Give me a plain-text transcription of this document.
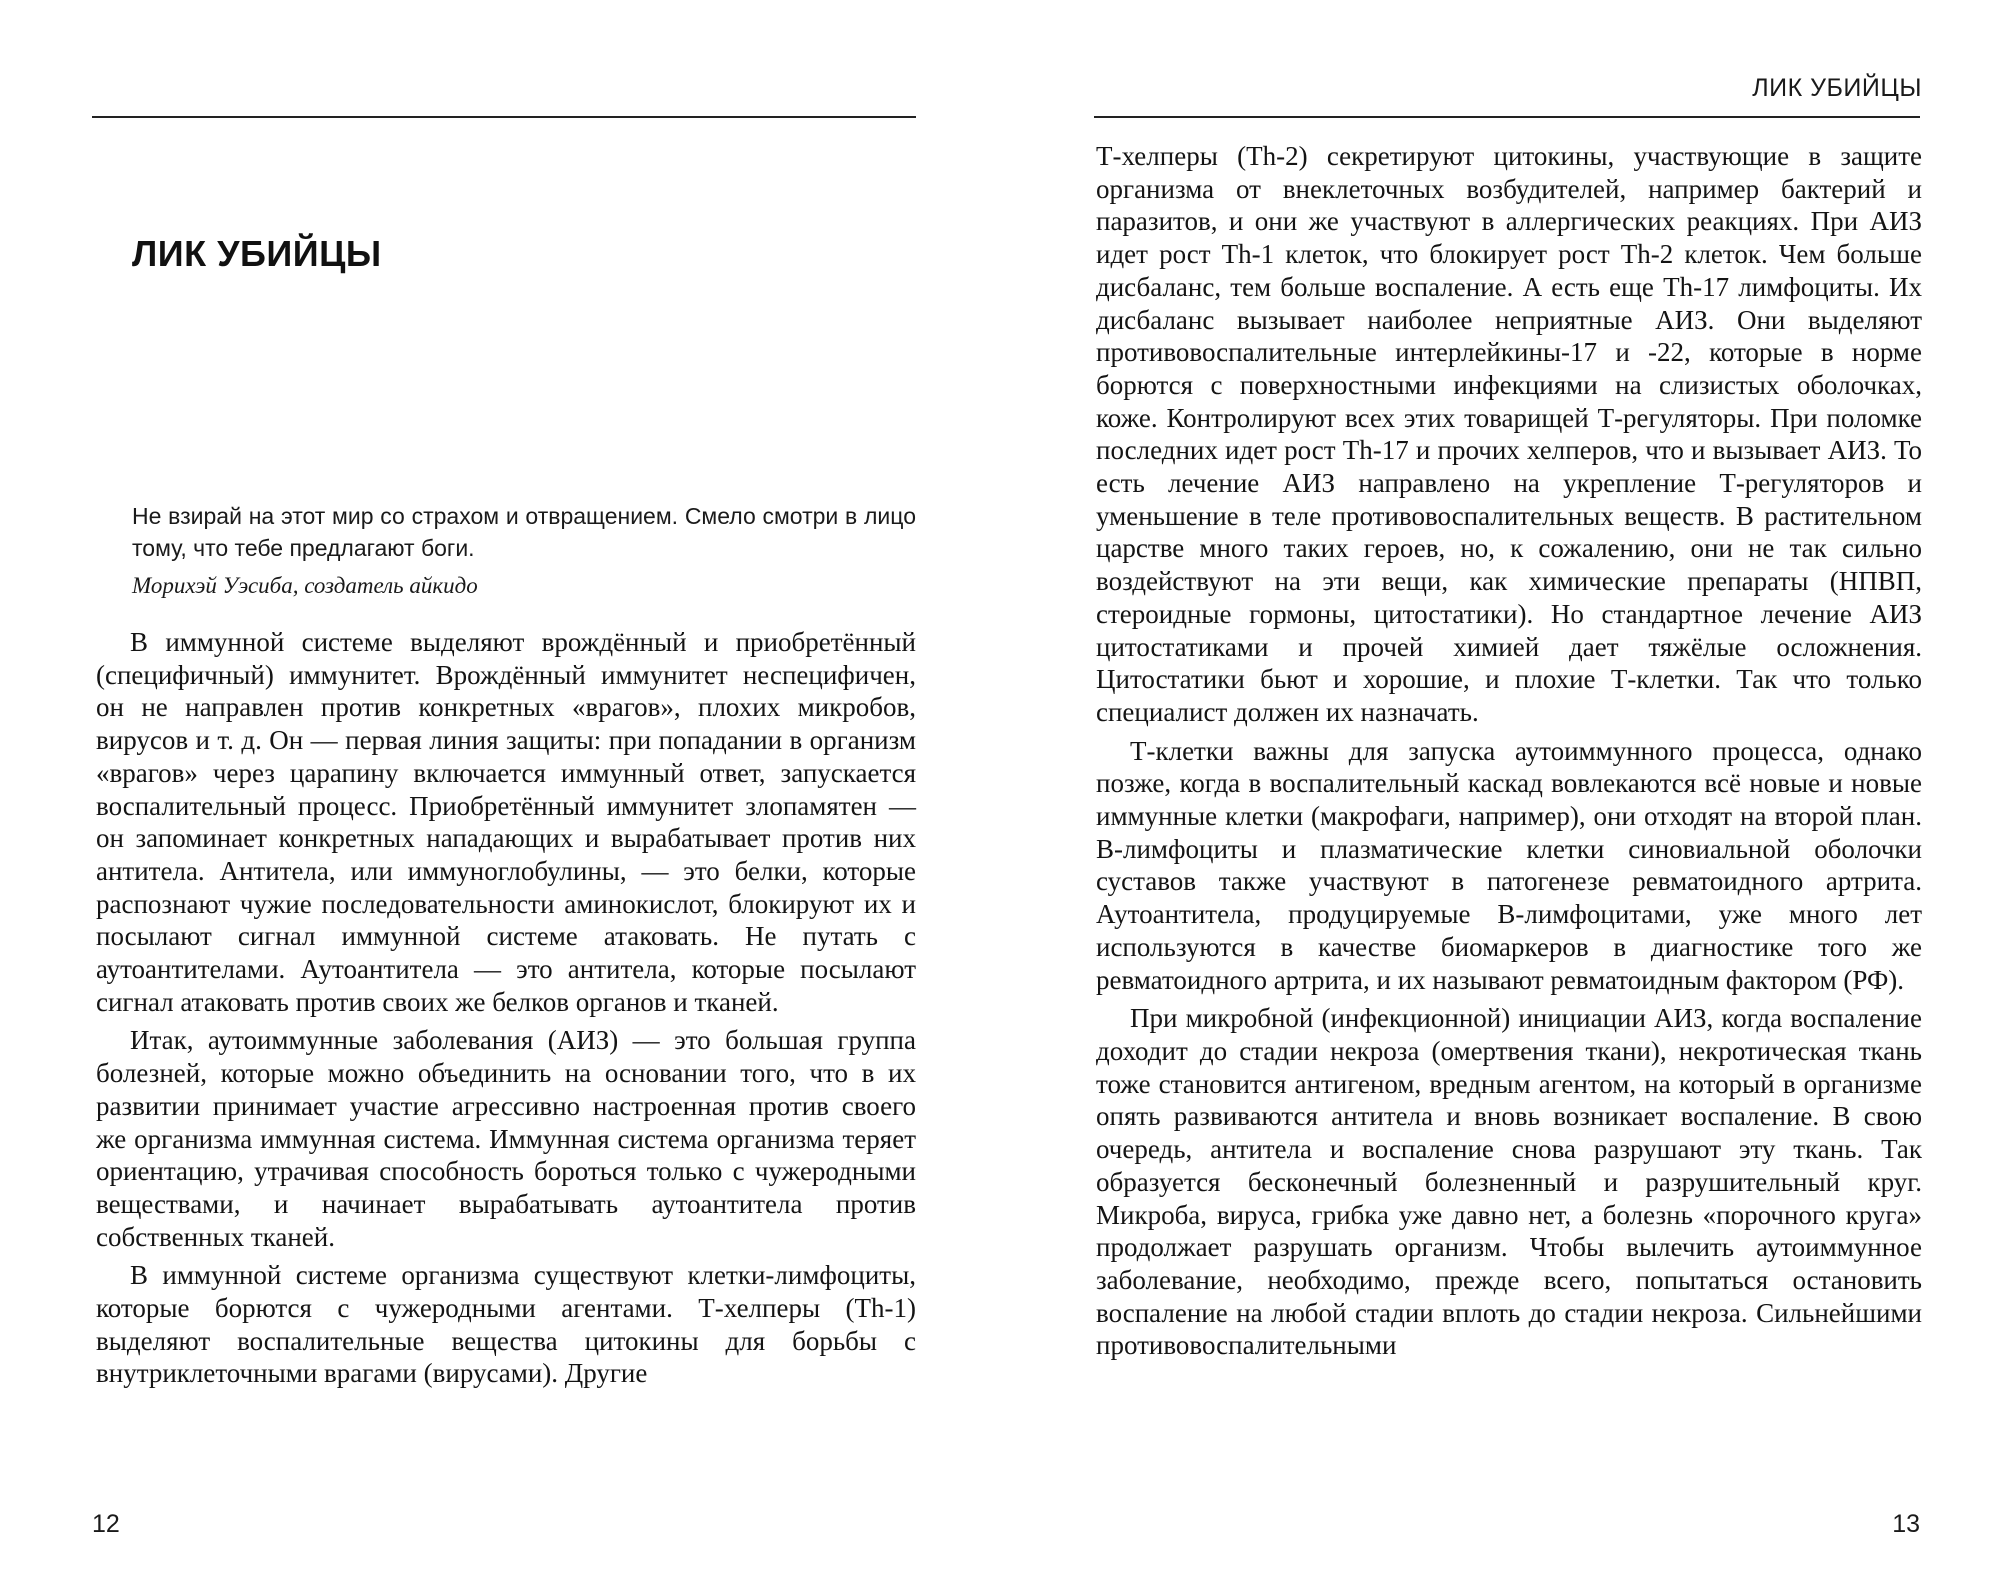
ЛИК УБИЙЦЫ

Не взирай на этот мир со страхом и отвращением. Смело смотри в лицо тому, что тебе предлагают боги.

Морихэй Уэсиба, создатель айкидо

В иммунной системе выделяют врождённый и приобретённый (специфичный) иммунитет. Врождённый иммунитет неспецифичен, он не направлен против конкретных «врагов», плохих микробов, вирусов и т. д. Он — первая линия защиты: при попадании в организм «врагов» через царапину включается иммунный ответ, запускается воспалительный процесс. Приобретённый иммунитет злопамятен — он запоминает конкретных нападающих и вырабатывает против них антитела. Антитела, или иммуноглобулины, — это белки, которые распознают чужие последовательности аминокислот, блокируют их и посылают сигнал иммунной системе атаковать. Не путать с аутоантителами. Аутоантитела — это антитела, которые посылают сигнал атаковать против своих же белков органов и тканей.

Итак, аутоиммунные заболевания (АИЗ) — это большая группа болезней, которые можно объединить на основании того, что в их развитии принимает участие агрессивно настроенная против своего же организма иммунная система. Иммунная система организма теряет ориентацию, утрачивая способность бороться только с чужеродными веществами, и начинает вырабатывать аутоантитела против собственных тканей.

В иммунной системе организма существуют клетки-лимфоциты, которые борются с чужеродными агентами. Т-хелперы (Th-1) выделяют воспалительные вещества цитокины для борьбы с внутриклеточными врагами (вирусами). Другие

12
ЛИК УБИЙЦЫ

Т-хелперы (Th-2) секретируют цитокины, участвующие в защите организма от внеклеточных возбудителей, например бактерий и паразитов, и они же участвуют в аллергических реакциях. При АИЗ идет рост Th-1 клеток, что блокирует рост Th-2 клеток. Чем больше дисбаланс, тем больше воспаление. А есть еще Th-17 лимфоциты. Их дисбаланс вызывает наиболее неприятные АИЗ. Они выделяют противовоспалительные интерлейкины-17 и -22, которые в норме борются с поверхностными инфекциями на слизистых оболочках, коже. Контролируют всех этих товарищей Т-регуляторы. При поломке последних идет рост Th-17 и прочих хелперов, что и вызывает АИЗ. То есть лечение АИЗ направлено на укрепление Т-регуляторов и уменьшение в теле противовоспалительных веществ. В растительном царстве много таких героев, но, к сожалению, они не так сильно воздействуют на эти вещи, как химические препараты (НПВП, стероидные гормоны, цитостатики). Но стандартное лечение АИЗ цитостатиками и прочей химией дает тяжёлые осложнения. Цитостатики бьют и хорошие, и плохие Т-клетки. Так что только специалист должен их назначать.

Т-клетки важны для запуска аутоиммунного процесса, однако позже, когда в воспалительный каскад вовлекаются всё новые и новые иммунные клетки (макрофаги, например), они отходят на второй план. В-лимфоциты и плазматические клетки синовиальной оболочки суставов также участвуют в патогенезе ревматоидного артрита. Аутоантитела, продуцируемые В-лимфоцитами, уже много лет используются в качестве биомаркеров в диагностике того же ревматоидного артрита, и их называют ревматоидным фактором (РФ).

При микробной (инфекционной) инициации АИЗ, когда воспаление доходит до стадии некроза (омертвения ткани), некротическая ткань тоже становится антигеном, вредным агентом, на который в организме опять развиваются антитела и вновь возникает воспаление. В свою очередь, антитела и воспаление снова разрушают эту ткань. Так образуется бесконечный болезненный и разрушительный круг. Микроба, вируса, грибка уже давно нет, а болезнь «порочного круга» продолжает разрушать организм. Чтобы вылечить аутоиммунное заболевание, необходимо, прежде всего, попытаться остановить воспаление на любой стадии вплоть до стадии некроза. Сильнейшими противовоспалительными

13
